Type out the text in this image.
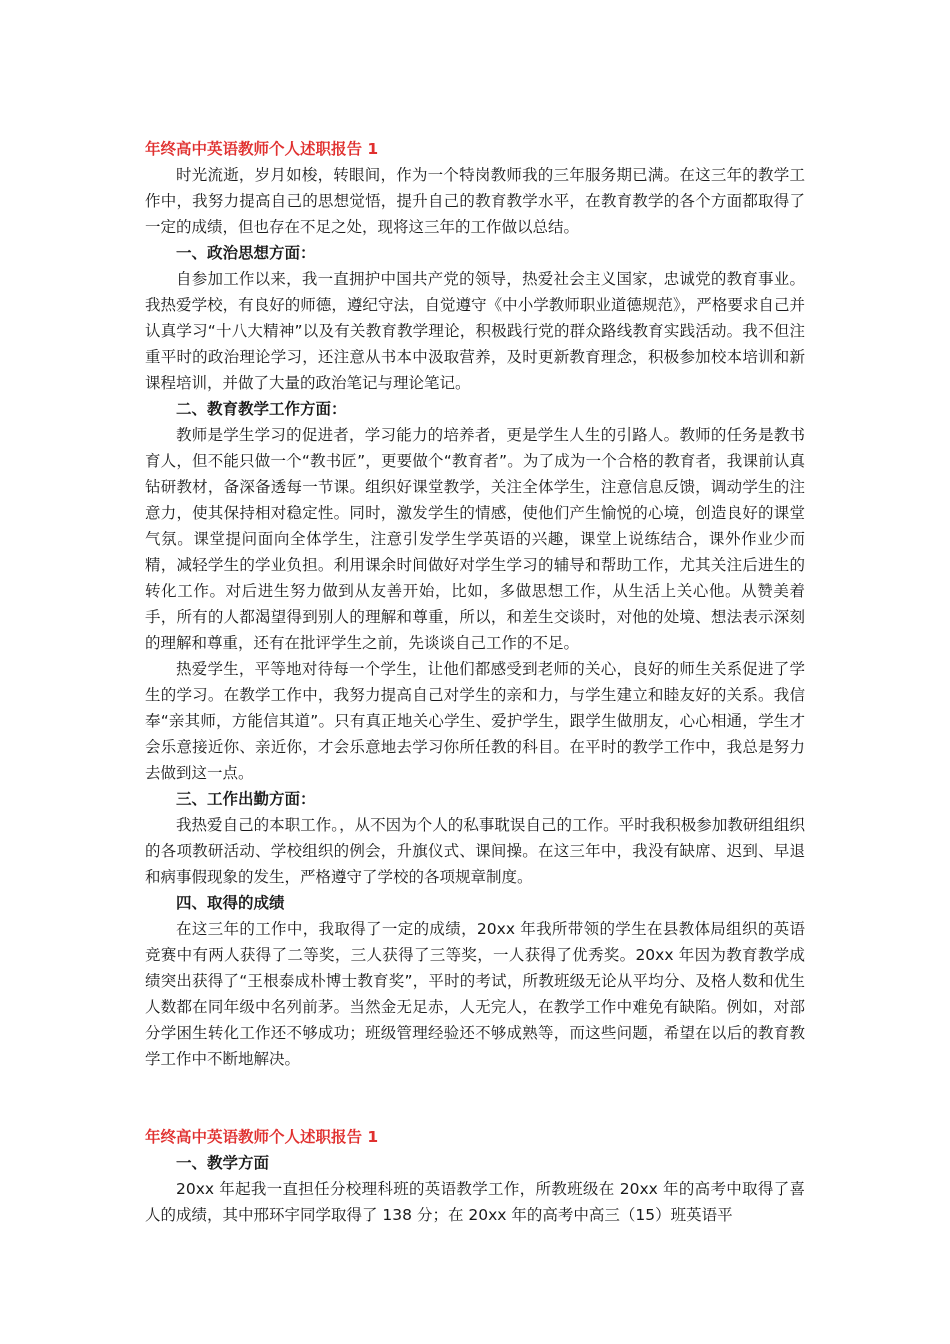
年终高中英语教师个人述职报告 1

时光流逝，岁月如梭，转眼间，作为一个特岗教师我的三年服务期已满。在这三年的教学工作中，我努力提高自己的思想觉悟，提升自己的教育教学水平，在教育教学的各个方面都取得了一定的成绩，但也存在不足之处，现将这三年的工作做以总结。

一、政治思想方面：

自参加工作以来，我一直拥护中国共产党的领导，热爱社会主义国家，忠诚党的教育事业。我热爱学校，有良好的师德，遵纪守法，自觉遵守《中小学教师职业道德规范》，严格要求自己并认真学习“十八大精神”以及有关教育教学理论，积极践行党的群众路线教育实践活动。我不但注重平时的政治理论学习，还注意从书本中汲取营养，及时更新教育理念，积极参加校本培训和新课程培训，并做了大量的政治笔记与理论笔记。

二、教育教学工作方面：

教师是学生学习的促进者，学习能力的培养者，更是学生人生的引路人。教师的任务是教书育人，但不能只做一个“教书匠”，更要做个“教育者”。为了成为一个合格的教育者，我课前认真钻研教材，备深备透每一节课。组织好课堂教学，关注全体学生，注意信息反馈，调动学生的注意力，使其保持相对稳定性。同时，激发学生的情感，使他们产生愉悦的心境，创造良好的课堂气氛。课堂提问面向全体学生，注意引发学生学英语的兴趣，课堂上说练结合，课外作业少而精，减轻学生的学业负担。利用课余时间做好对学生学习的辅导和帮助工作，尤其关注后进生的转化工作。对后进生努力做到从友善开始，比如，多做思想工作，从生活上关心他。从赞美着手，所有的人都渴望得到别人的理解和尊重，所以，和差生交谈时，对他的处境、想法表示深刻的理解和尊重，还有在批评学生之前，先谈谈自己工作的不足。

热爱学生，平等地对待每一个学生，让他们都感受到老师的关心，良好的师生关系促进了学生的学习。在教学工作中，我努力提高自己对学生的亲和力，与学生建立和睦友好的关系。我信奉“亲其师，方能信其道”。只有真正地关心学生、爱护学生，跟学生做朋友，心心相通，学生才会乐意接近你、亲近你，才会乐意地去学习你所任教的科目。在平时的教学工作中，我总是努力去做到这一点。

三、工作出勤方面：

我热爱自己的本职工作。，从不因为个人的私事耽误自己的工作。平时我积极参加教研组组织的各项教研活动、学校组织的例会，升旗仪式、课间操。在这三年中，我没有缺席、迟到、早退和病事假现象的发生，严格遵守了学校的各项规章制度。

四、取得的成绩

在这三年的工作中，我取得了一定的成绩，20xx 年我所带领的学生在县教体局组织的英语竞赛中有两人获得了二等奖，三人获得了三等奖，一人获得了优秀奖。20xx 年因为教育教学成绩突出获得了“王根泰成朴博士教育奖”，平时的考试，所教班级无论从平均分、及格人数和优生人数都在同年级中名列前茅。当然金无足赤，人无完人，在教学工作中难免有缺陷。例如，对部分学困生转化工作还不够成功；班级管理经验还不够成熟等，而这些问题，希望在以后的教育教学工作中不断地解决。

年终高中英语教师个人述职报告 1

一、教学方面

20xx 年起我一直担任分校理科班的英语教学工作，所教班级在 20xx 年的高考中取得了喜人的成绩，其中邢环宇同学取得了 138 分；在 20xx 年的高考中高三（15）班英语平
